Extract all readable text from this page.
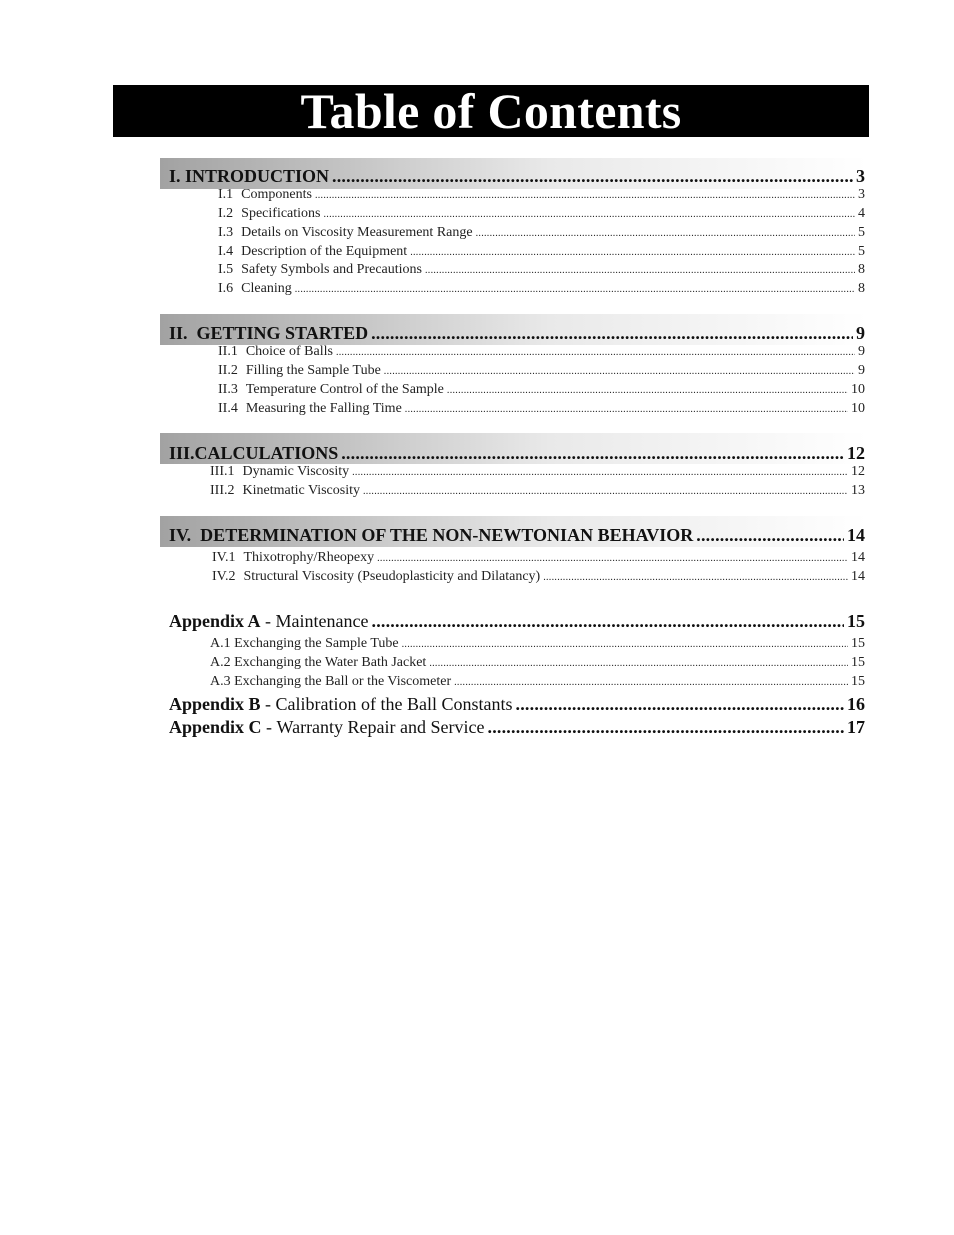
Table of Contents
I. INTRODUCTION .....	3
I.1 Components .....	3
I.2 Specifications .....	4
I.3 Details on Viscosity Measurement Range .....	5
I.4 Description of the Equipment .....	5
I.5 Safety Symbols and Precautions .....	8
I.6 Cleaning .....	8
II.  GETTING STARTED .....	9
II.1 Choice of Balls .....	9
II.2 Filling the Sample Tube .....	9
II.3 Temperature Control of the Sample .....	10
II.4 Measuring the Falling Time .....	10
III.CALCULATIONS .....	12
III.1 Dynamic Viscosity .....	12
III.2 Kinetmatic Viscosity .....	13
IV.  DETERMINATION OF THE NON-NEWTONIAN BEHAVIOR .....	14
IV.1 Thixotrophy/Rheopexy .....	14
IV.2 Structural Viscosity (Pseudoplasticity and Dilatancy) .....	14
Appendix A - Maintenance .....	15
A.1 Exchanging the Sample Tube .....	15
A.2 Exchanging the Water Bath Jacket .....	15
A.3 Exchanging the Ball or the Viscometer .....	15
Appendix B - Calibration of the Ball Constants .....	16
Appendix C - Warranty Repair and Service .....	17
